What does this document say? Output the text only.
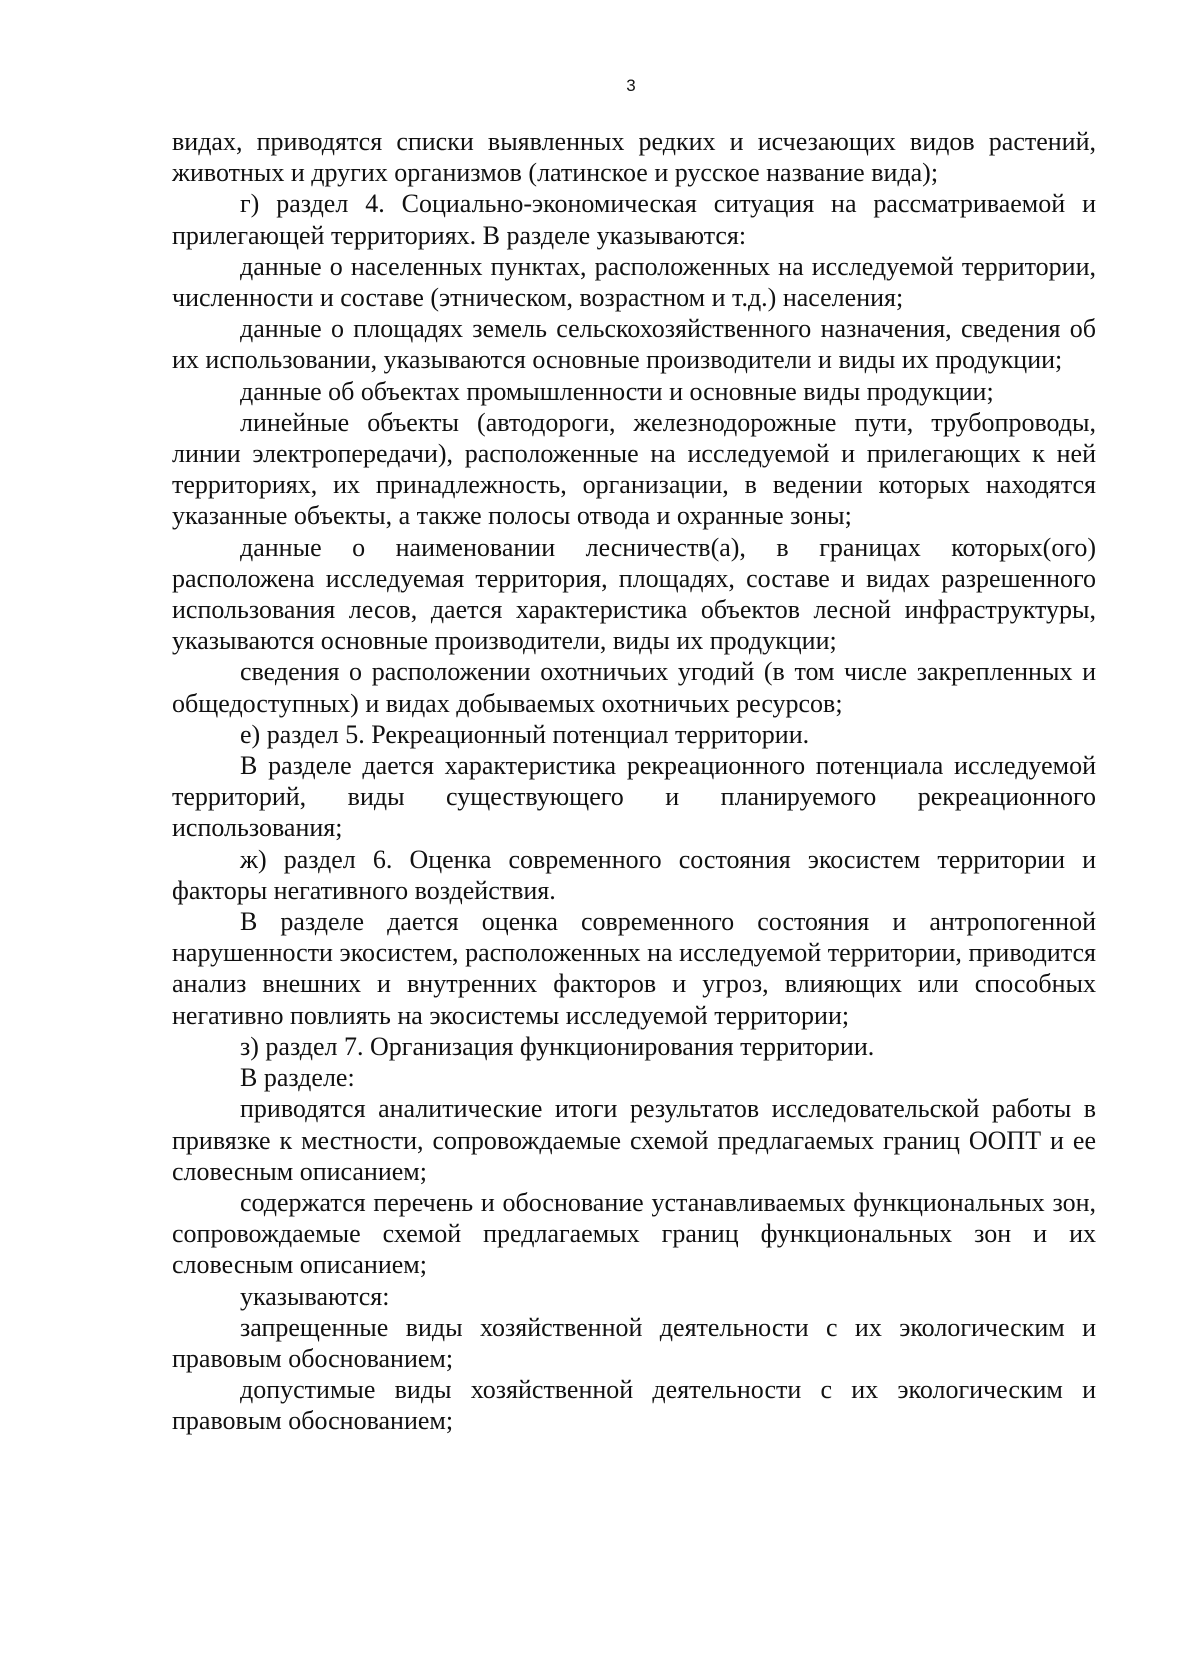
3

видах, приводятся списки выявленных редких и исчезающих видов растений, животных и других организмов (латинское и русское название вида);

г) раздел 4. Социально-экономическая ситуация на рассматриваемой и прилегающей территориях. В разделе указываются:

данные о населенных пунктах, расположенных на исследуемой территории, численности и составе (этническом, возрастном и т.д.) населения;

данные о площадях земель сельскохозяйственного назначения, сведения об их использовании, указываются основные производители и виды их продукции;

данные об объектах промышленности и основные виды продукции;

линейные объекты (автодороги, железнодорожные пути, трубопроводы, линии электропередачи), расположенные на исследуемой и прилегающих к ней территориях, их принадлежность, организации, в ведении которых находятся указанные объекты, а также полосы отвода и охранные зоны;

данные о наименовании лесничеств(а), в границах которых(ого) расположена исследуемая территория, площадях, составе и видах разрешенного использования лесов, дается характеристика объектов лесной инфраструктуры, указываются основные производители, виды их продукции;

сведения о расположении охотничьих угодий (в том числе закрепленных и общедоступных) и видах добываемых охотничьих ресурсов;

е) раздел 5. Рекреационный потенциал территории.

В разделе дается характеристика рекреационного потенциала исследуемой территорий, виды существующего и планируемого рекреационного использования;

ж) раздел 6. Оценка современного состояния экосистем территории и факторы негативного воздействия.

В разделе дается оценка современного состояния и антропогенной нарушенности экосистем, расположенных на исследуемой территории, приводится анализ внешних и внутренних факторов и угроз, влияющих или способных негативно повлиять на экосистемы исследуемой территории;

з) раздел 7. Организация функционирования территории.

В разделе:

приводятся аналитические итоги результатов исследовательской работы в привязке к местности, сопровождаемые схемой предлагаемых границ ООПТ и ее словесным описанием;

содержатся перечень и обоснование устанавливаемых функциональных зон, сопровождаемые схемой предлагаемых границ функциональных зон и их словесным описанием;

указываются:

запрещенные виды хозяйственной деятельности с их экологическим и правовым обоснованием;

допустимые виды хозяйственной деятельности с их экологическим и правовым обоснованием;
